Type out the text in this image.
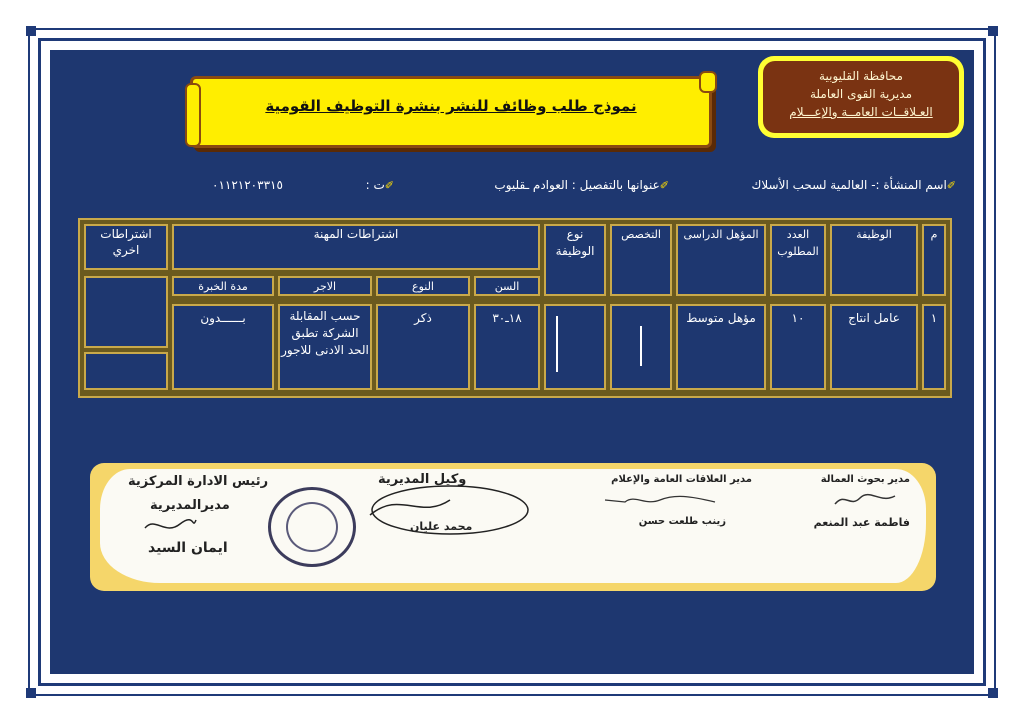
محافظة القليوبية
مديرية القوى العاملة
العـلاقــات العامــة والإعـــلام
نموذج طلب وظائف للنشر بنشرة التوظيف القومية
✐اسم المنشأة :- العالمية لسحب الأسلاك
✐عنوانها بالتفصيل : العوادم ـقليوب
✐ت :
٠١١٢١٢٠٣٣١٥
م
الوظيفة
العدد المطلوب
المؤهل الدراسى
التخصص
نوع الوظيفة
اشتراطات المهنة
السن
النوع
الاجر
مدة الخبرة
اشتراطات اخري
١
عامل انتاج
١٠
مؤهل متوسط
١٨ـ٣٠
ذكر
حسب المقابلة الشركة تطبق الحد الادنى للاجور
بــــــدون
مدير بحوث العمالة
فاطمة عبد المنعم
مدير العلاقات العامة والإعلام
زينب طلعت حسن
وكيل المديرية
محمد عليان
رئيس الادارة المركزية
مديرالمديرية
ايمان السيد
